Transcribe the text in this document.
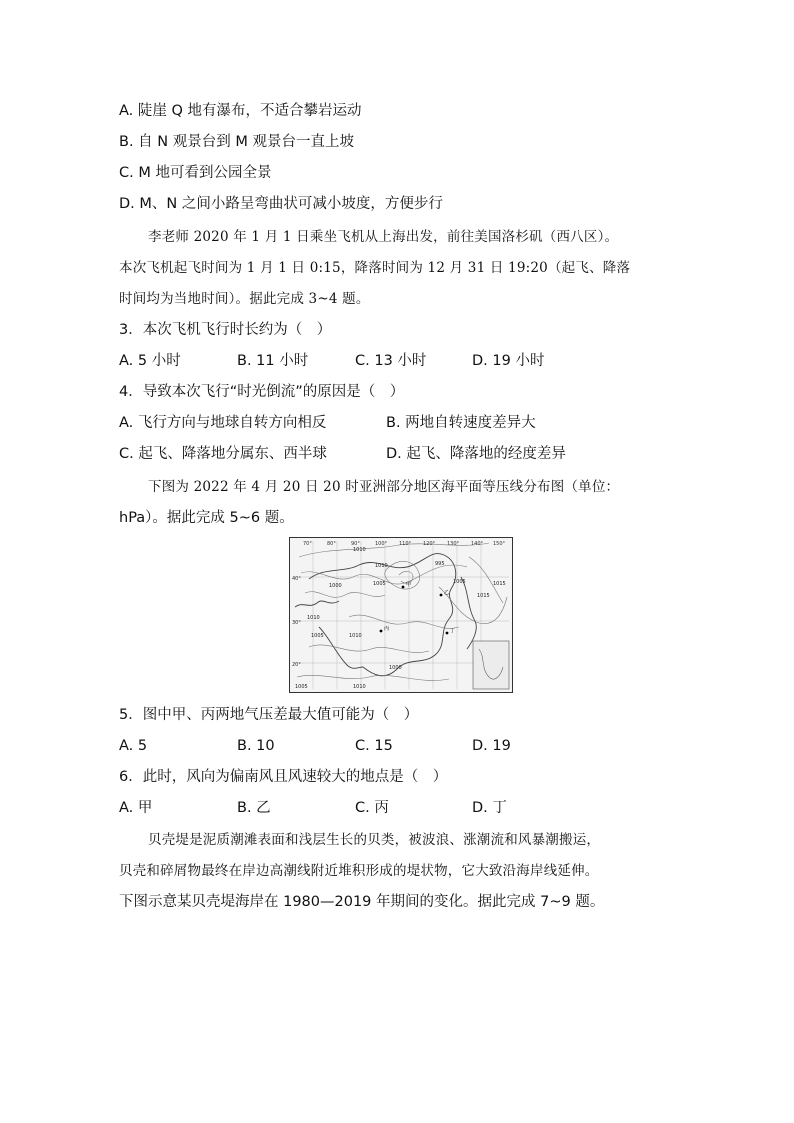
A. 陡崖 Q 地有瀑布，不适合攀岩运动
B. 自 N 观景台到 M 观景台一直上坡
C. M 地可看到公园全景
D. M、N 之间小路呈弯曲状可减小坡度，方便步行
李老师 2020 年 1 月 1 日乘坐飞机从上海出发，前往美国洛杉矶（西八区）。
本次飞机起飞时间为 1 月 1 日 0:15，降落时间为 12 月 31 日 19:20（起飞、降落
时间均为当地时间）。据此完成 3~4 题。
3．本次飞机飞行时长约为（　）
A. 5 小时	B. 11 小时	C. 13 小时	D. 19 小时
4．导致本次飞行“时光倒流”的原因是（　）
A. 飞行方向与地球自转方向相反	B. 两地自转速度差异大
C. 起飞、降落地分属东、西半球	D. 起飞、降落地的经度差异
下图为 2022 年 4 月 20 日 20 时亚洲部分地区海平面等压线分布图（单位：
hPa）。据此完成 5~6 题。
70°	80°	90°	100° 110° 120° 130° 140° 150°
40°
30°
20°
1010
1010
1000	1005
995
1005
1015
1015
1010
1005	1010
1000
1005	1010
甲
乙
丙	丁
5．图中甲、丙两地气压差最大值可能为（　）
A. 5	B. 10	C. 15	D. 19
6．此时，风向为偏南风且风速较大的地点是（　）
A. 甲	B. 乙	C. 丙	D. 丁
贝壳堤是泥质潮滩表面和浅层生长的贝类，被波浪、涨潮流和风暴潮搬运，
贝壳和碎屑物最终在岸边高潮线附近堆积形成的堤状物，它大致沿海岸线延伸。
下图示意某贝壳堤海岸在 1980—2019 年期间的变化。据此完成 7~9 题。
